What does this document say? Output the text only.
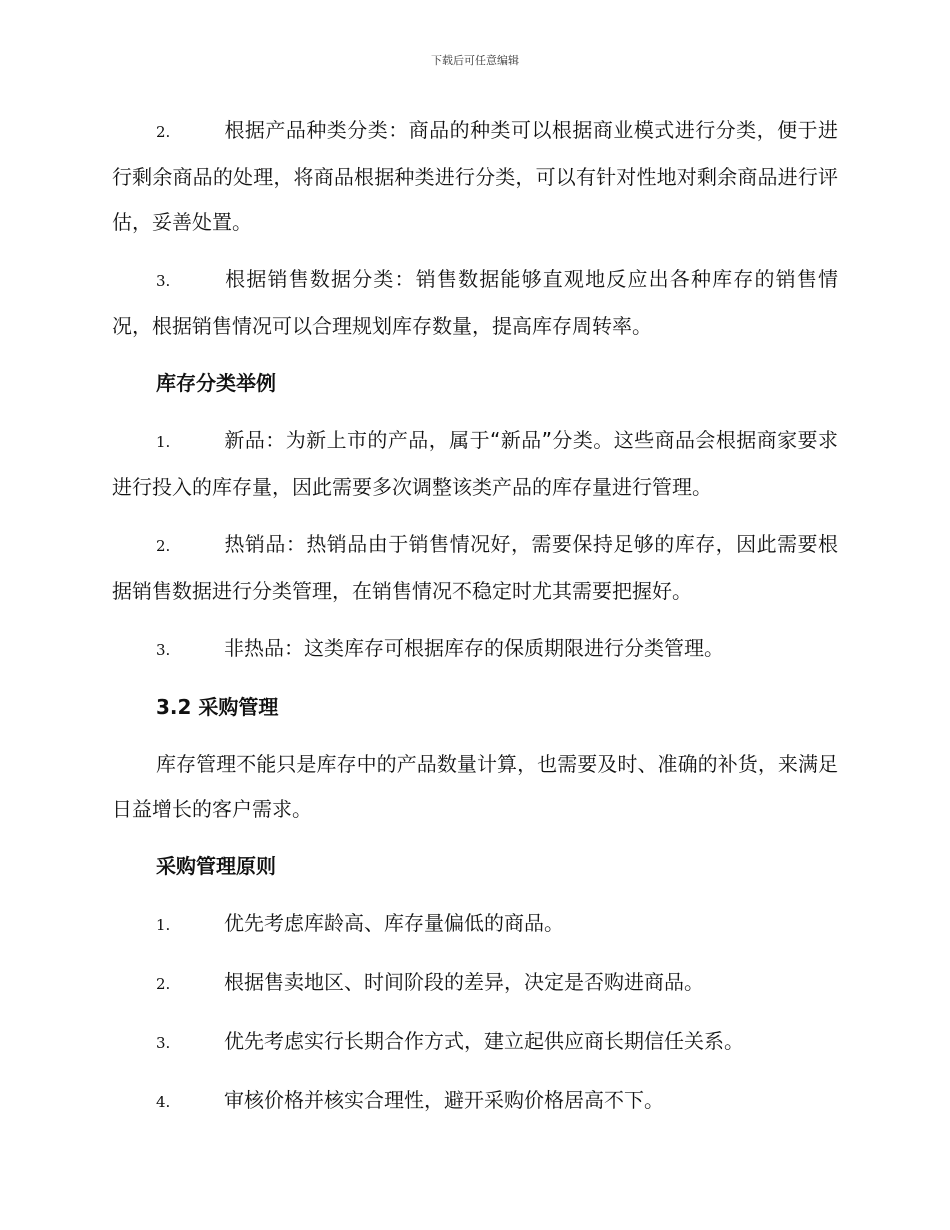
下载后可任意编辑

2.	根据产品种类分类：商品的种类可以根据商业模式进行分类，便于进行剩余商品的处理，将商品根据种类进行分类，可以有针对性地对剩余商品进行评估，妥善处置。

3.	根据销售数据分类：销售数据能够直观地反应出各种库存的销售情况，根据销售情况可以合理规划库存数量，提高库存周转率。

库存分类举例

1.	新品：为新上市的产品，属于“新品”分类。这些商品会根据商家要求进行投入的库存量，因此需要多次调整该类产品的库存量进行管理。

2.	热销品：热销品由于销售情况好，需要保持足够的库存，因此需要根据销售数据进行分类管理，在销售情况不稳定时尤其需要把握好。

3.	非热品：这类库存可根据库存的保质期限进行分类管理。

3.2 采购管理

库存管理不能只是库存中的产品数量计算，也需要及时、准确的补货，来满足日益增长的客户需求。

采购管理原则

1.	优先考虑库龄高、库存量偏低的商品。

2.	根据售卖地区、时间阶段的差异，决定是否购进商品。

3.	优先考虑实行长期合作方式，建立起供应商长期信任关系。

4.	审核价格并核实合理性，避开采购价格居高不下。
